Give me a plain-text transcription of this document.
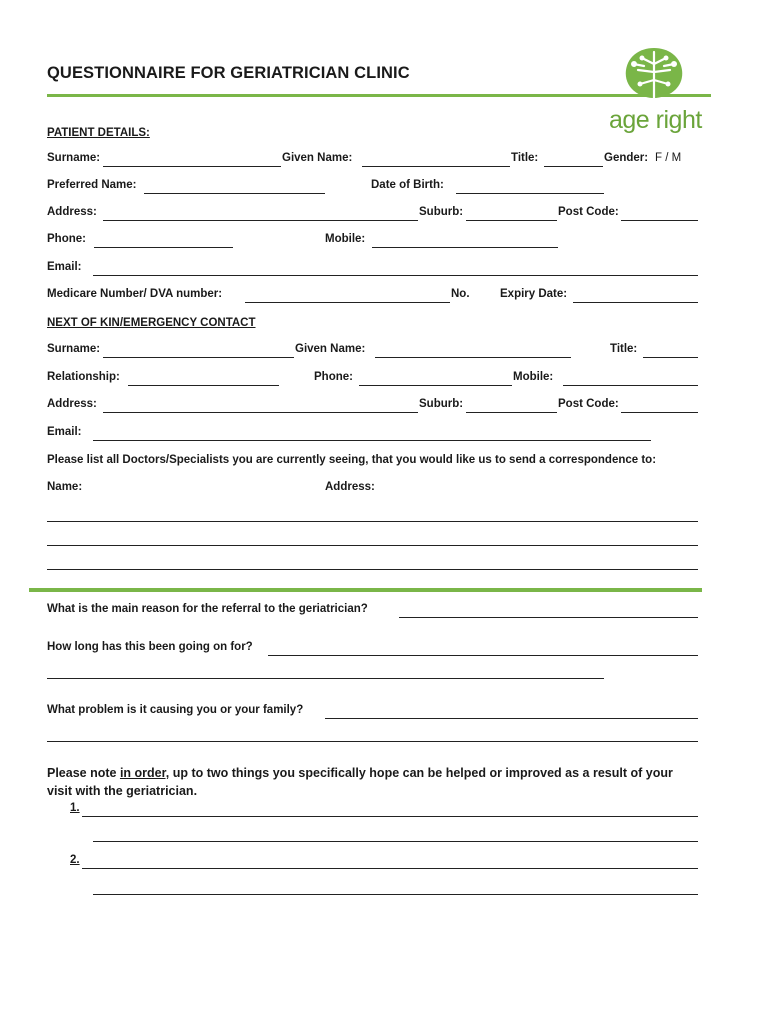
QUESTIONNAIRE FOR GERIATRICIAN CLINIC
age right
PATIENT DETAILS:
Surname:	Given Name:	Title:	Gender: F / M
Preferred Name:	Date of Birth:
Address:	Suburb:	Post Code:
Phone:	Mobile:
Email:
Medicare Number/ DVA number:	No.	Expiry Date:
NEXT OF KIN/EMERGENCY CONTACT
Surname:	Given Name:	Title:
Relationship:	Phone:	Mobile:
Address:	Suburb:	Post Code:
Email:
Please list all Doctors/Specialists you are currently seeing, that you would like us to send a correspondence to:
Name:	Address:
What is the main reason for the referral to the geriatrician?
How long has this been going on for?
What problem is it causing you or your family?
Please note in order, up to two things you specifically hope can be helped or improved as a result of your
visit with the geriatrician.
1.
2.
